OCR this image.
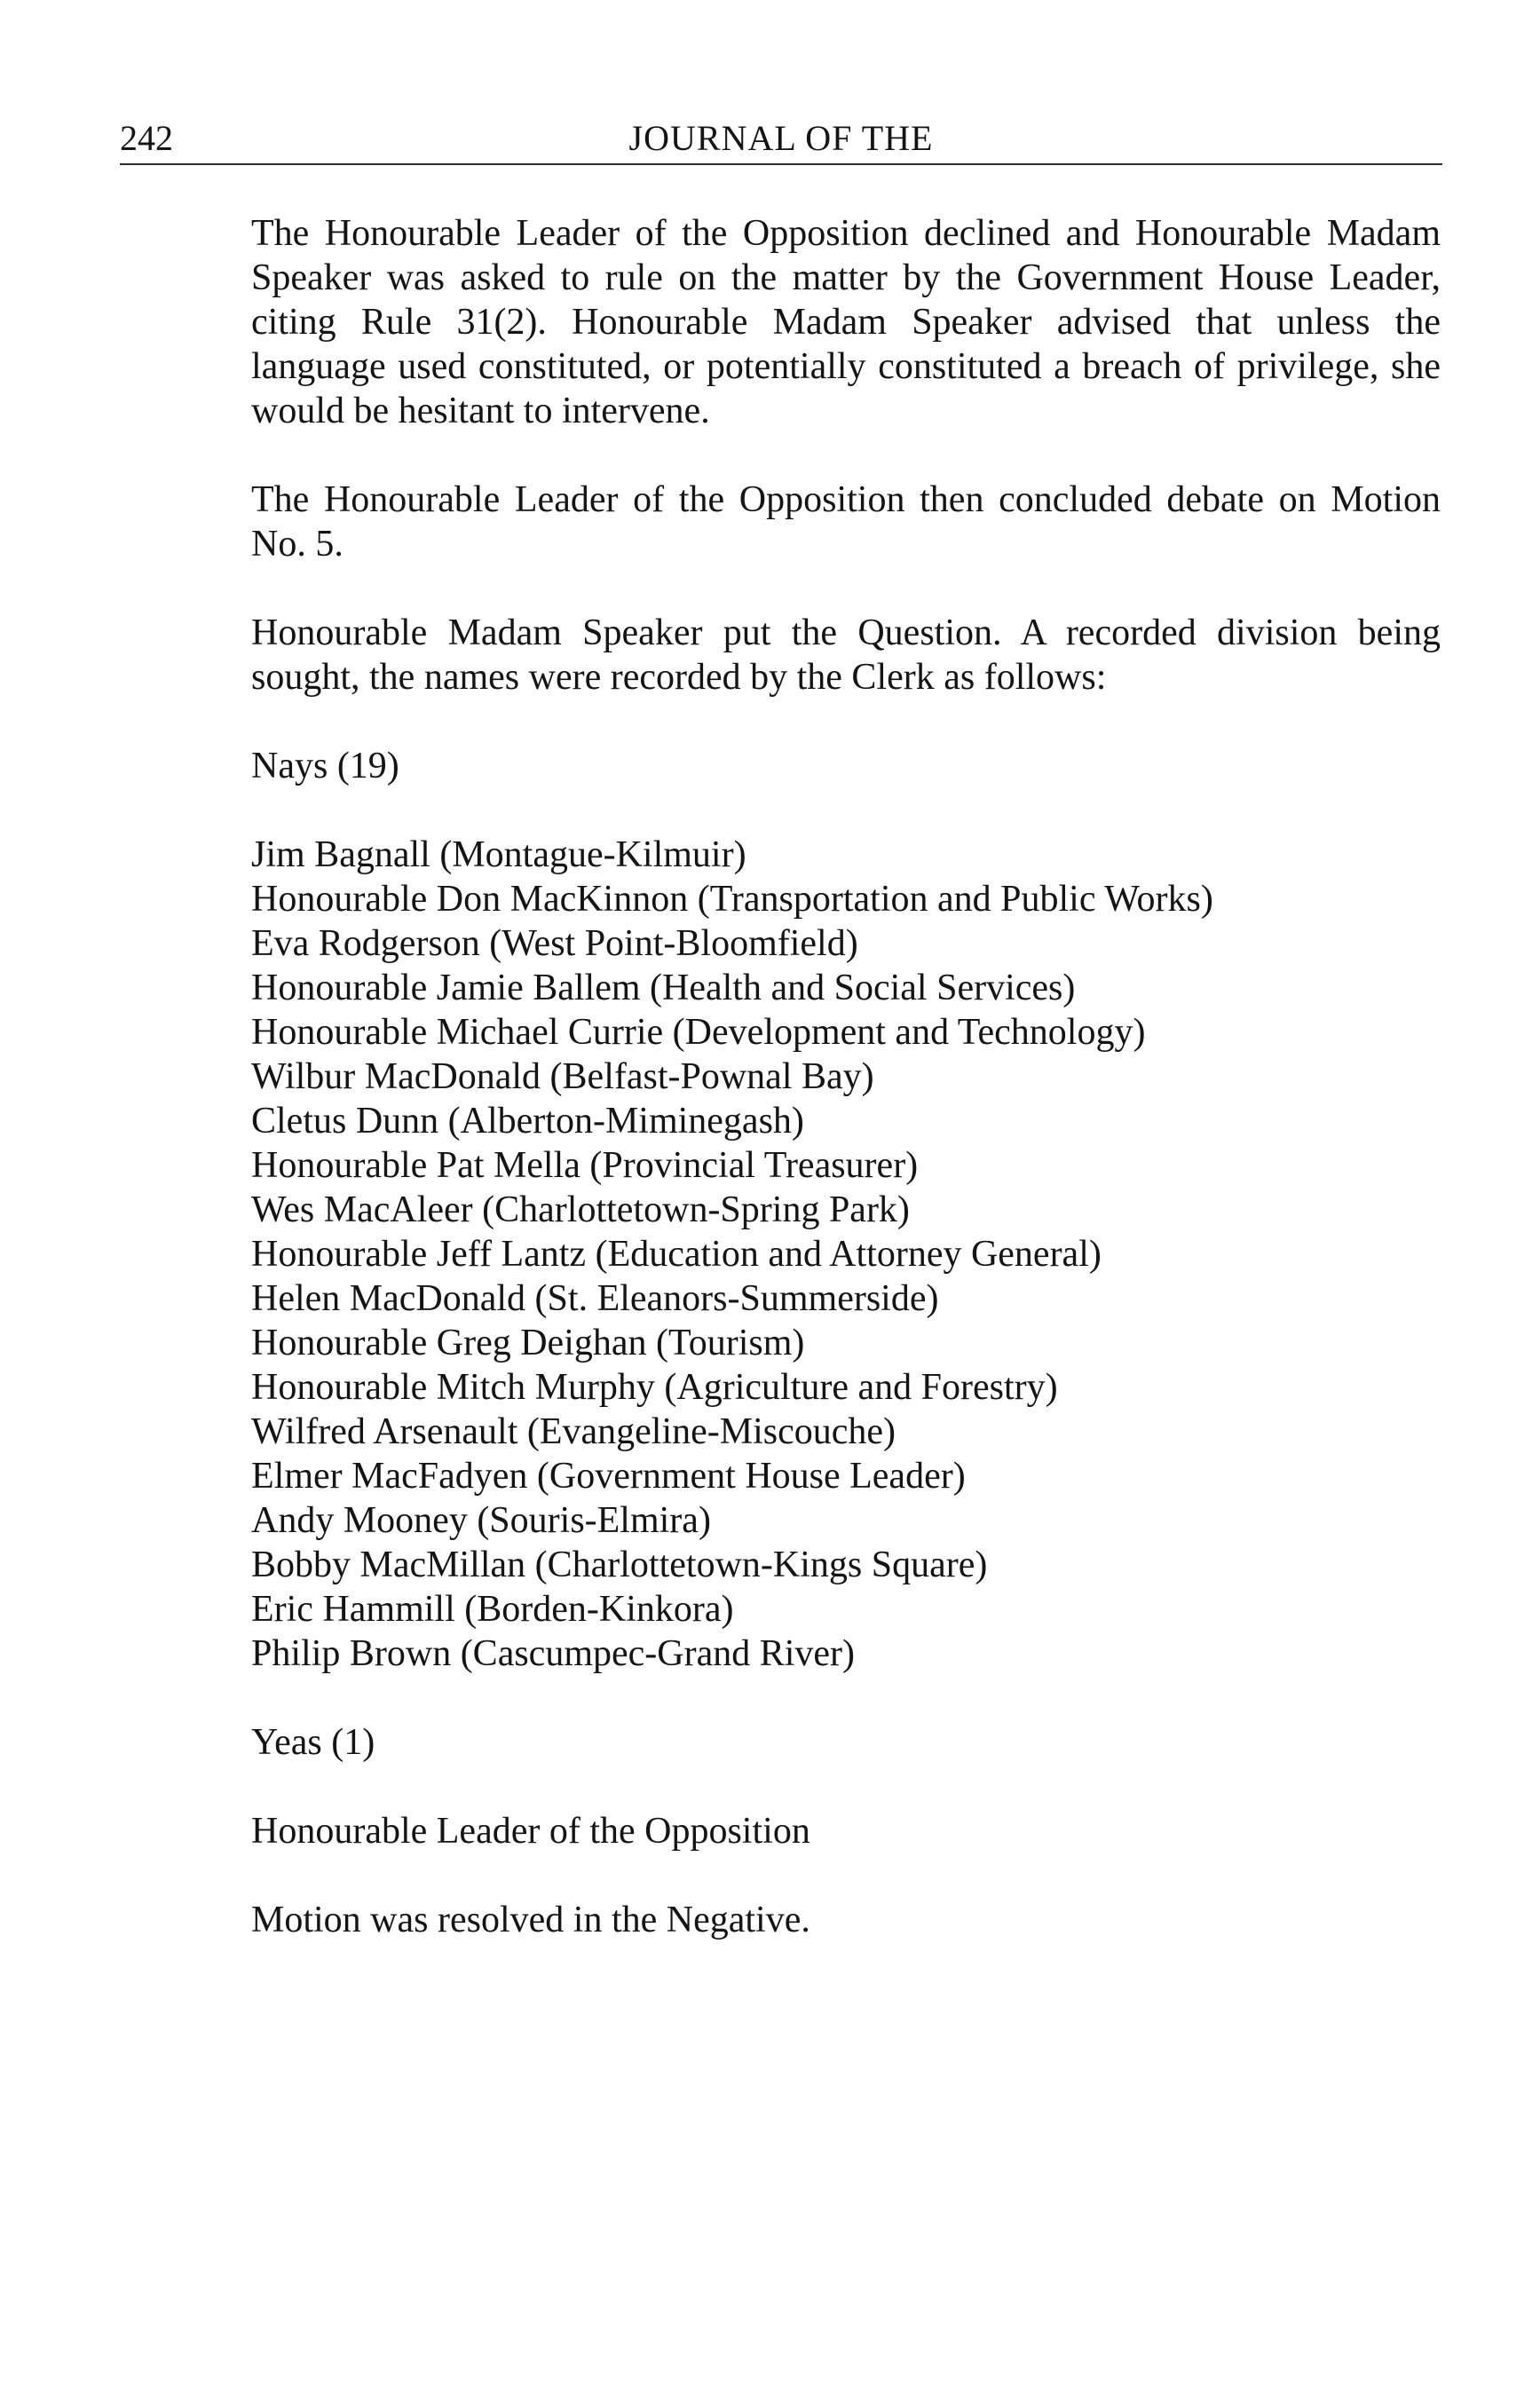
242	JOURNAL OF THE

The Honourable Leader of the Opposition declined and Honourable Madam Speaker was asked to rule on the matter by the Government House Leader, citing Rule 31(2). Honourable Madam Speaker advised that unless the language used constituted, or potentially constituted a breach of privilege, she would be hesitant to intervene.

The Honourable Leader of the Opposition then concluded debate on Motion No. 5.

Honourable Madam Speaker put the Question. A recorded division being sought, the names were recorded by the Clerk as follows:

Nays (19)

Jim Bagnall (Montague-Kilmuir)
Honourable Don MacKinnon (Transportation and Public Works)
Eva Rodgerson (West Point-Bloomfield)
Honourable Jamie Ballem (Health and Social Services)
Honourable Michael Currie (Development and Technology)
Wilbur MacDonald (Belfast-Pownal Bay)
Cletus Dunn (Alberton-Miminegash)
Honourable Pat Mella (Provincial Treasurer)
Wes MacAleer (Charlottetown-Spring Park)
Honourable Jeff Lantz (Education and Attorney General)
Helen MacDonald (St. Eleanors-Summerside)
Honourable Greg Deighan (Tourism)
Honourable Mitch Murphy (Agriculture and Forestry)
Wilfred Arsenault (Evangeline-Miscouche)
Elmer MacFadyen (Government House Leader)
Andy Mooney (Souris-Elmira)
Bobby MacMillan (Charlottetown-Kings Square)
Eric Hammill (Borden-Kinkora)
Philip Brown (Cascumpec-Grand River)

Yeas (1)

Honourable Leader of the Opposition

Motion was resolved in the Negative.
